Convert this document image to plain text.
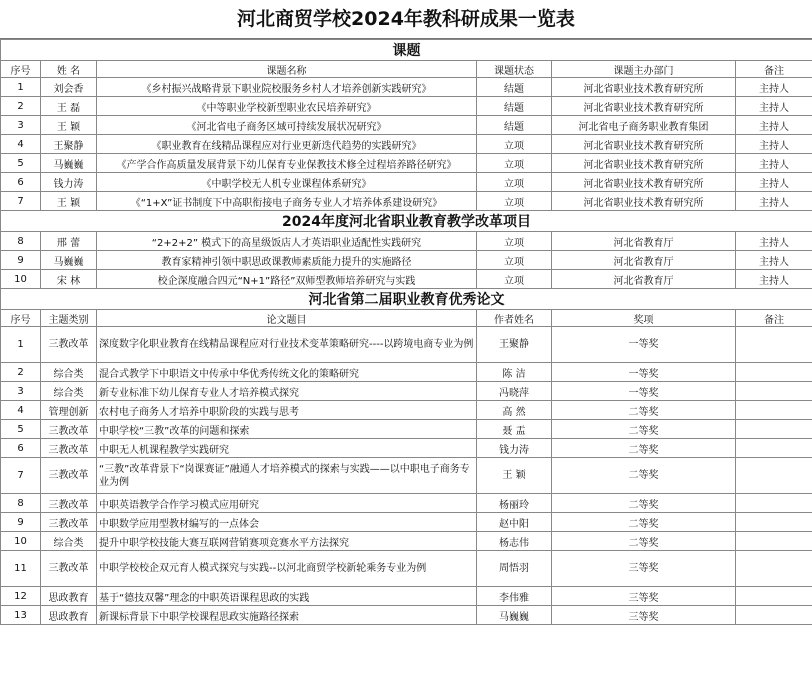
河北商贸学校2024年教科研成果一览表
课题					
序号	姓 名	课题名称	课题状态	课题主办部门	备注
1	刘会香	《乡村振兴战略背景下职业院校服务乡村人才培养创新实践研究》	结题	河北省职业技术教育研究所	主持人
2	王 磊	《中等职业学校新型职业农民培养研究》	结题	河北省职业技术教育研究所	主持人
3	王 颖	《河北省电子商务区域可持续发展状况研究》	结题	河北省电子商务职业教育集团	主持人
4	王聚静	《职业教育在线精品课程应对行业更新迭代趋势的实践研究》	立项	河北省职业技术教育研究所	主持人
5	马巍巍	《产学合作高质量发展背景下幼儿保育专业保教技术修全过程培养路径研究》	立项	河北省职业技术教育研究所	主持人
6	钱力涛	《中职学校无人机专业课程体系研究》	立项	河北省职业技术教育研究所	主持人
7	王 颖	《“1+X”证书制度下中高职衔接电子商务专业人才培养体系建设研究》	立项	河北省职业技术教育研究所	主持人
2024年度河北省职业教育教学改革项目					
8	邢 蕾	“2+2+2” 模式下的高星级饭店人才英语职业适配性实践研究	立项	河北省教育厅	主持人
9	马巍巍	教育家精神引领中职思政课教师素质能力提升的实施路径	立项	河北省教育厅	主持人
10	宋 林	校企深度融合四元“N+1”路径”双师型教师培养研究与实践	立项	河北省教育厅	主持人
河北省第二届职业教育优秀论文					
序号	主题类别	论文题目	作者姓名	奖项	备注
1	三教改革	深度数字化职业教育在线精品课程应对行业技术变革策略研究----以跨境电商专业为例	王聚静	一等奖	
2	综合类	混合式教学下中职语文中传承中华优秀传统文化的策略研究	陈 洁	一等奖	
3	综合类	新专业标准下幼儿保育专业人才培养模式探究	冯晓萍	一等奖	
4	管理创新	农村电子商务人才培养中职阶段的实践与思考	高 然	二等奖	
5	三教改革	中职学校“三教”改革的问题和探索	聂 盂	二等奖	
6	三教改革	中职无人机课程教学实践研究	钱力涛	二等奖	
7	三教改革	“三教”改革背景下“岗课赛证”融通人才培养模式的探索与实践——以中职电子商务专业为例	王 颖	二等奖	
8	三教改革	中职英语教学合作学习模式应用研究	杨丽玲	二等奖	
9	三教改革	中职数学应用型教材编写的一点体会	赵中阳	二等奖	
10	综合类	提升中职学校技能大赛互联网营销赛项竞赛水平方法探究	杨志伟	二等奖	
11	三教改革	中职学校校企双元育人模式探究与实践--以河北商贸学校新轮乘务专业为例	周悟羽	三等奖	
12	思政教育	基于“德技双馨”理念的中职英语课程思政的实践	李伟雅	三等奖	
13	思政教育	新课标背景下中职学校课程思政实施路径探索	马巍巍	三等奖	
